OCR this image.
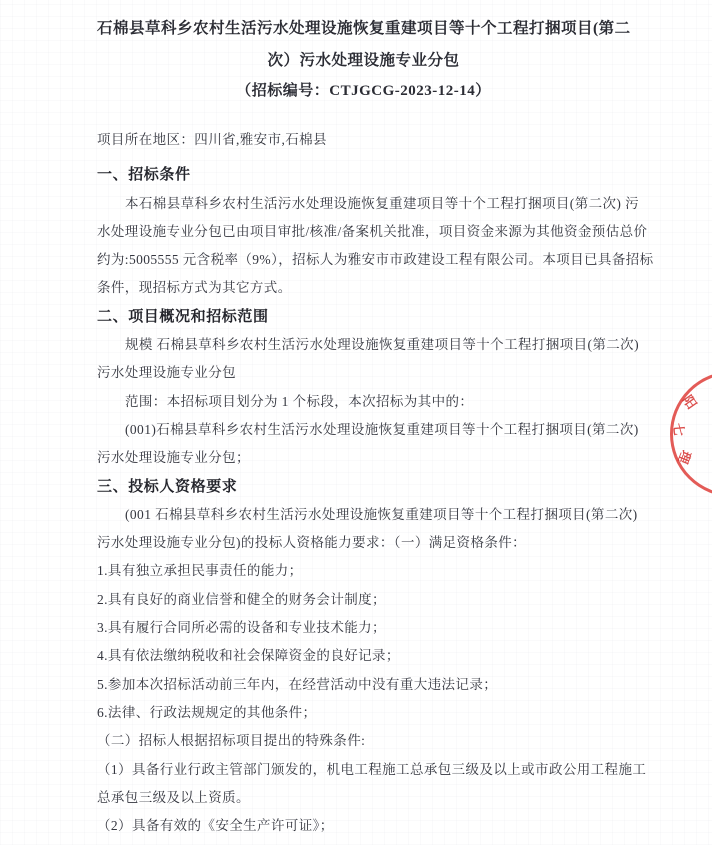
石棉县草科乡农村生活污水处理设施恢复重建项目等十个工程打捆项目(第二
次）污水处理设施专业分包
（招标编号：CTJGCG-2023-12-14）
项目所在地区：四川省,雅安市,石棉县
一、招标条件
本石棉县草科乡农村生活污水处理设施恢复重建项目等十个工程打捆项目(第二次) 污
水处理设施专业分包已由项目审批/核准/备案机关批准，项目资金来源为其他资金预估总价
约为:5005555 元含税率（9%），招标人为雅安市市政建设工程有限公司。本项目已具备招标
条件，现招标方式为其它方式。
二、项目概况和招标范围
规模 石棉县草科乡农村生活污水处理设施恢复重建项目等十个工程打捆项目(第二次)
污水处理设施专业分包
范围：本招标项目划分为 1 个标段，本次招标为其中的：
(001)石棉县草科乡农村生活污水处理设施恢复重建项目等十个工程打捆项目(第二次)
污水处理设施专业分包；
三、投标人资格要求
(001 石棉县草科乡农村生活污水处理设施恢复重建项目等十个工程打捆项目(第二次)
污水处理设施专业分包)的投标人资格能力要求：（一）满足资格条件：
1.具有独立承担民事责任的能力；
2.具有良好的商业信誉和健全的财务会计制度；
3.具有履行合同所必需的设备和专业技术能力；
4.具有依法缴纳税收和社会保障资金的良好记录；
5.参加本次招标活动前三年内，在经营活动中没有重大违法记录；
6.法律、行政法规规定的其他条件；
（二）招标人根据招标项目提出的特殊条件:
（1）具备行业行政主管部门颁发的，机电工程施工总承包三级及以上或市政公用工程施工
总承包三级及以上资质。
（2）具备有效的《安全生产许可证》；
阳
七
理
